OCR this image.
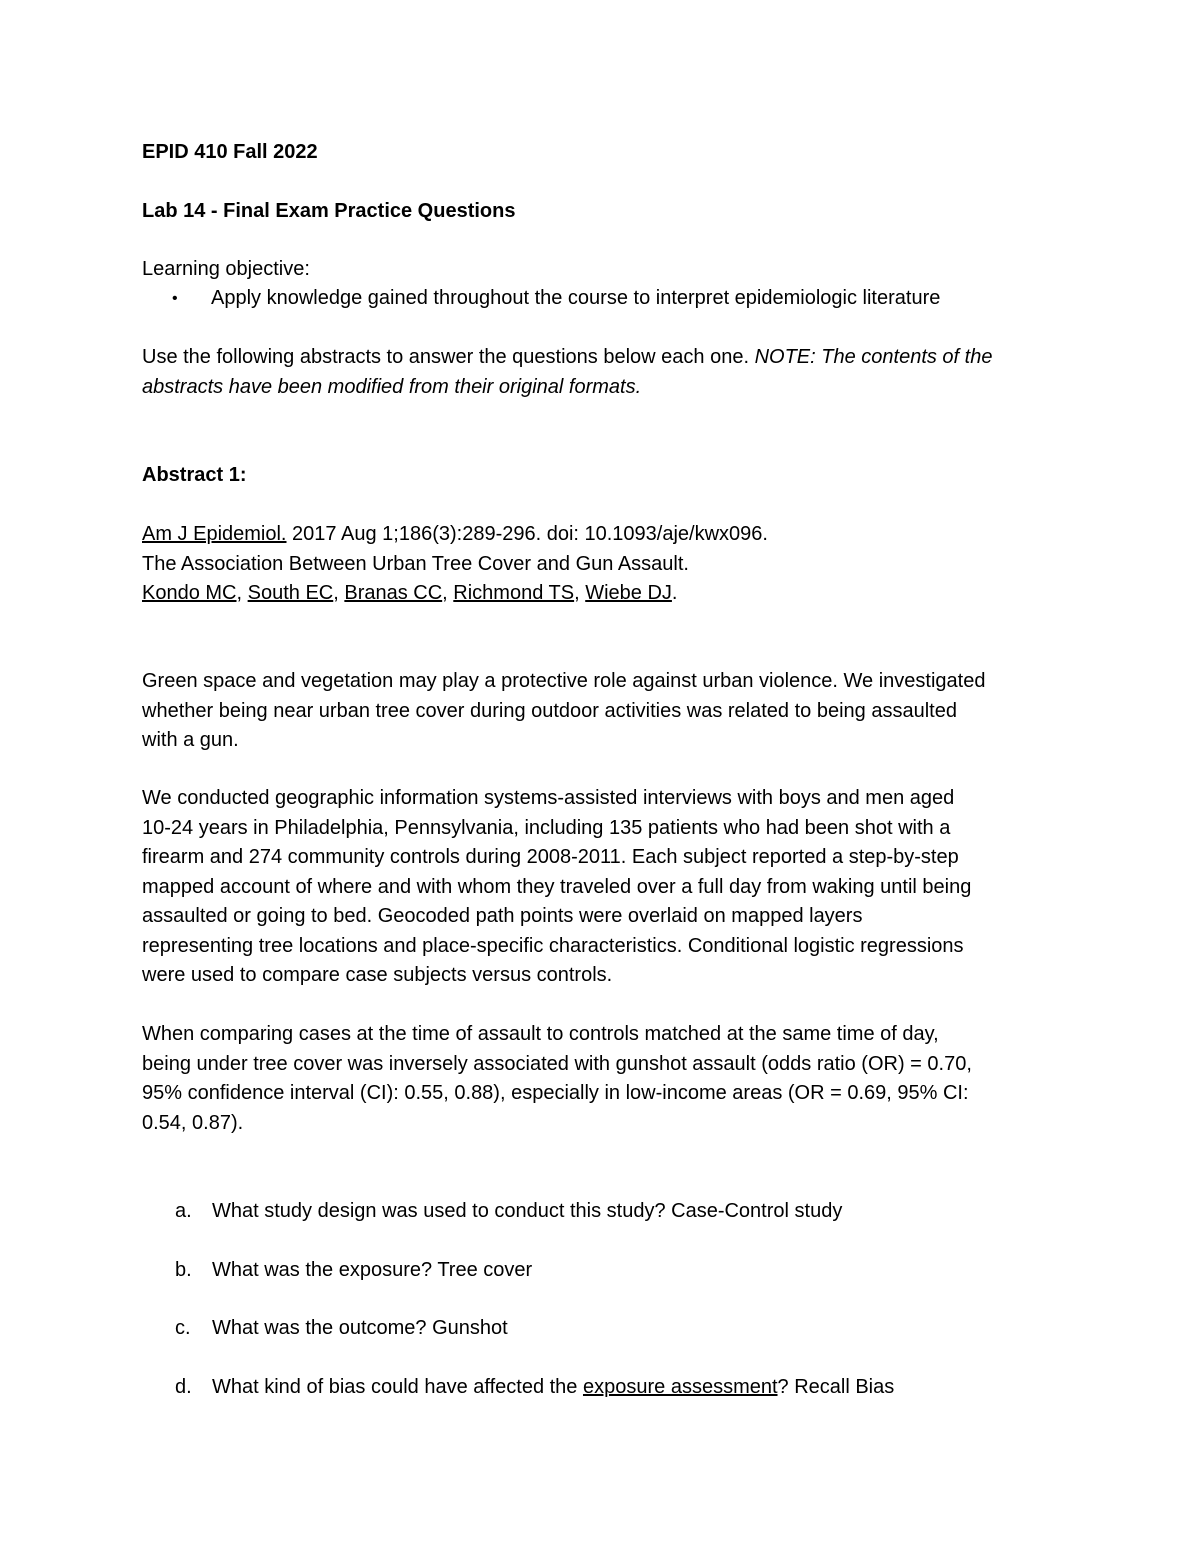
EPID 410 Fall 2022
Lab 14 - Final Exam Practice Questions
Learning objective:
• Apply knowledge gained throughout the course to interpret epidemiologic literature
Use the following abstracts to answer the questions below each one. NOTE: The contents of the
abstracts have been modified from their original formats.
Abstract 1:
Am J Epidemiol. 2017 Aug 1;186(3):289-296. doi: 10.1093/aje/kwx096.
The Association Between Urban Tree Cover and Gun Assault.
Kondo MC, South EC, Branas CC, Richmond TS, Wiebe DJ.
Green space and vegetation may play a protective role against urban violence. We investigated
whether being near urban tree cover during outdoor activities was related to being assaulted
with a gun.
We conducted geographic information systems-assisted interviews with boys and men aged
10-24 years in Philadelphia, Pennsylvania, including 135 patients who had been shot with a
firearm and 274 community controls during 2008-2011. Each subject reported a step-by-step
mapped account of where and with whom they traveled over a full day from waking until being
assaulted or going to bed. Geocoded path points were overlaid on mapped layers
representing tree locations and place-specific characteristics. Conditional logistic regressions
were used to compare case subjects versus controls.
When comparing cases at the time of assault to controls matched at the same time of day,
being under tree cover was inversely associated with gunshot assault (odds ratio (OR) = 0.70,
95% confidence interval (CI): 0.55, 0.88), especially in low-income areas (OR = 0.69, 95% CI:
0.54, 0.87).
a. What study design was used to conduct this study? Case-Control study
b. What was the exposure? Tree cover
c. What was the outcome? Gunshot
d. What kind of bias could have affected the exposure assessment? Recall Bias
